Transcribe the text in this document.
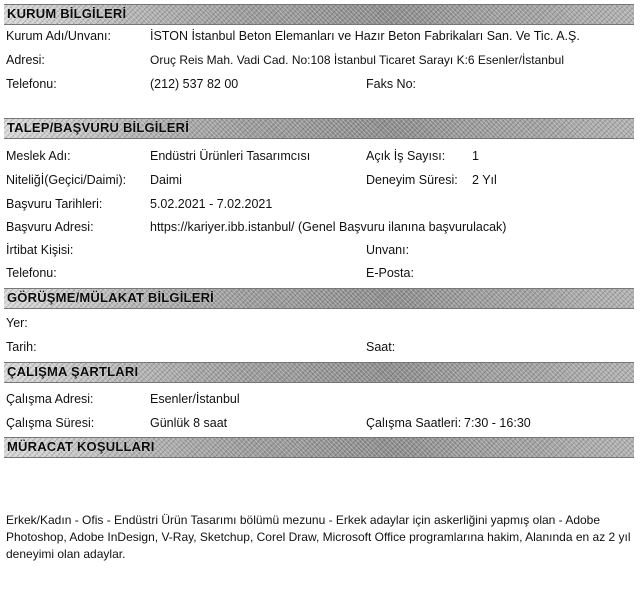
KURUM BİLGİLERİ
Kurum Adı/Unvanı:	İSTON İstanbul Beton Elemanları ve Hazır Beton Fabrikaları San. Ve Tic. A.Ş.
Adresi:	Oruç Reis Mah. Vadi Cad. No:108 İstanbul Ticaret Sarayı K:6 Esenler/İstanbul
Telefonu:	(212) 537 82 00	Faks No:
TALEP/BAŞVURU BİLGİLERİ
Meslek Adı:	Endüstri Ürünleri Tasarımcısı	Açık İş Sayısı: 1
Niteliğİ(Geçici/Daimi): Daimi	Deneyim Süresi: 2 Yıl
Başvuru Tarihleri:	5.02.2021 - 7.02.2021
Başvuru Adresi:	https://kariyer.ibb.istanbul/ (Genel Başvuru ilanına başvurulacak)
İrtibat Kişisi:	Unvanı:
Telefonu:	E-Posta:
GÖRÜŞME/MÜLAKAT BİLGİLERİ
Yer:
Tarih:	Saat:
ÇALIŞMA ŞARTLARI
Çalışma Adresi:	Esenler/İstanbul
Çalışma Süresi:	Günlük 8 saat	Çalışma Saatleri: 7:30 - 16:30
MÜRACAT KOŞULLARI
Erkek/Kadın - Ofis - Endüstri Ürün Tasarımı bölümü mezunu - Erkek adaylar için askerliğini yapmış olan - Adobe Photoshop, Adobe InDesign, V-Ray, Sketchup, Corel Draw, Microsoft Office programlarına hakim, Alanında en az 2 yıl deneyimi olan adaylar.
